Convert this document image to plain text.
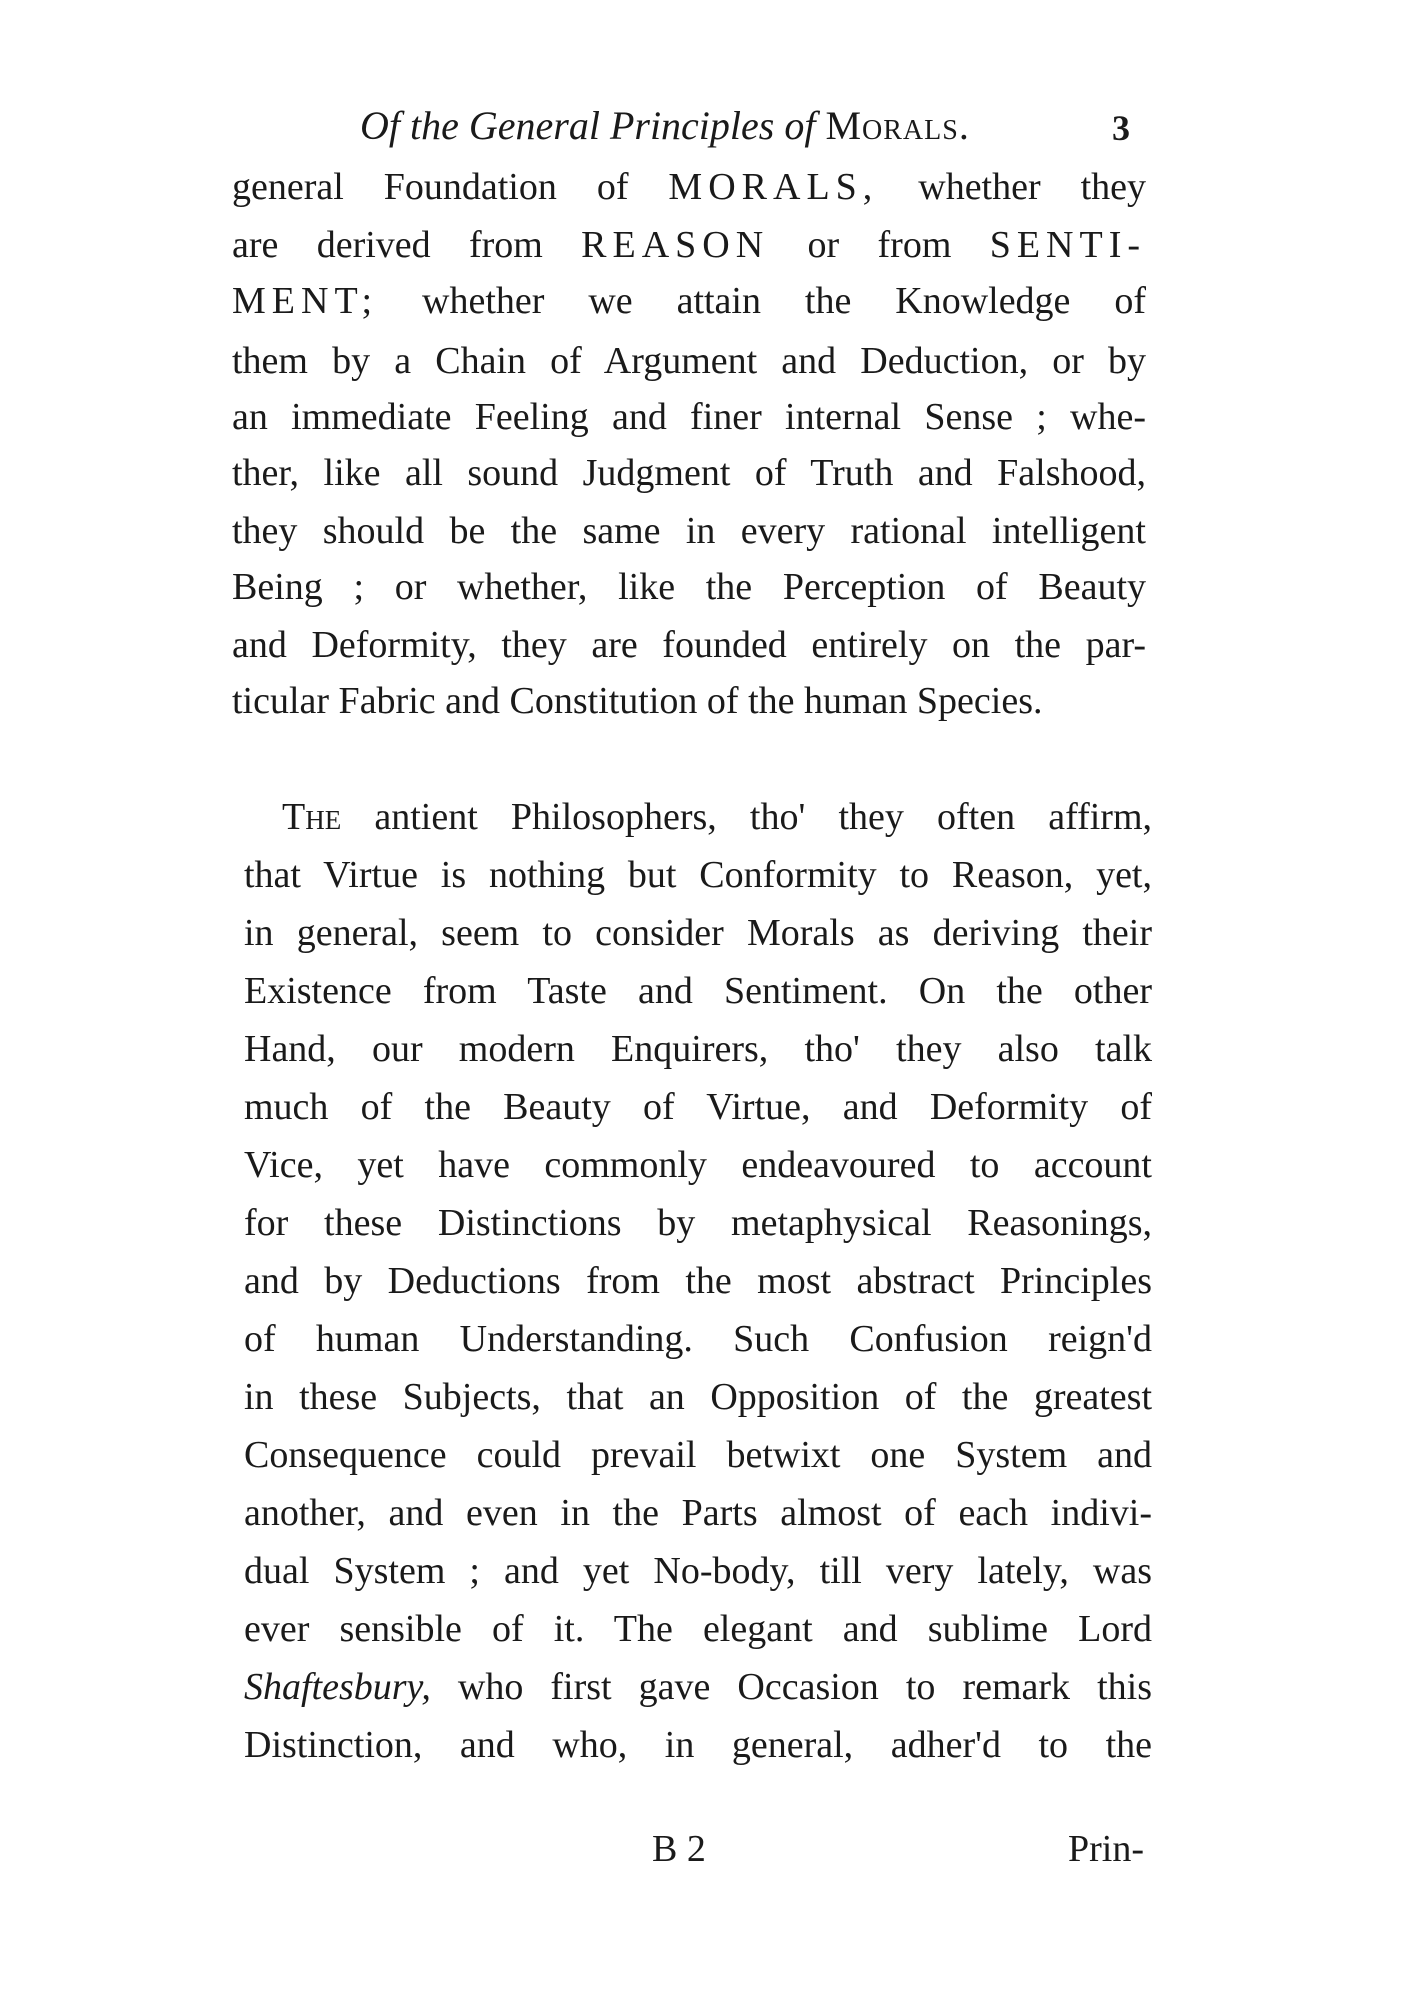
Of the General Principles of Morals.	3
general Foundation of MORALS, whether they
are derived from REASON or from SENTI-
MENT; whether we attain the Knowledge of
them by a Chain of Argument and Deduction, or by
an immediate Feeling and finer internal Sense ; whe-
ther, like all sound Judgment of Truth and Falshood,
they should be the same in every rational intelligent
Being ; or whether, like the Perception of Beauty
and Deformity, they are founded entirely on the par-
ticular Fabric and Constitution of the human Species.
The antient Philosophers, tho' they often affirm,
that Virtue is nothing but Conformity to Reason, yet,
in general, seem to consider Morals as deriving their
Existence from Taste and Sentiment. On the other
Hand, our modern Enquirers, tho' they also talk
much of the Beauty of Virtue, and Deformity of
Vice, yet have commonly endeavoured to account
for these Distinctions by metaphysical Reasonings,
and by Deductions from the most abstract Principles
of human Understanding. Such Confusion reign'd
in these Subjects, that an Opposition of the greatest
Consequence could prevail betwixt one System and
another, and even in the Parts almost of each indivi-
dual System ; and yet No-body, till very lately, was
ever sensible of it. The elegant and sublime Lord
Shaftesbury, who first gave Occasion to remark this
Distinction, and who, in general, adher'd to the
B 2	Prin-
